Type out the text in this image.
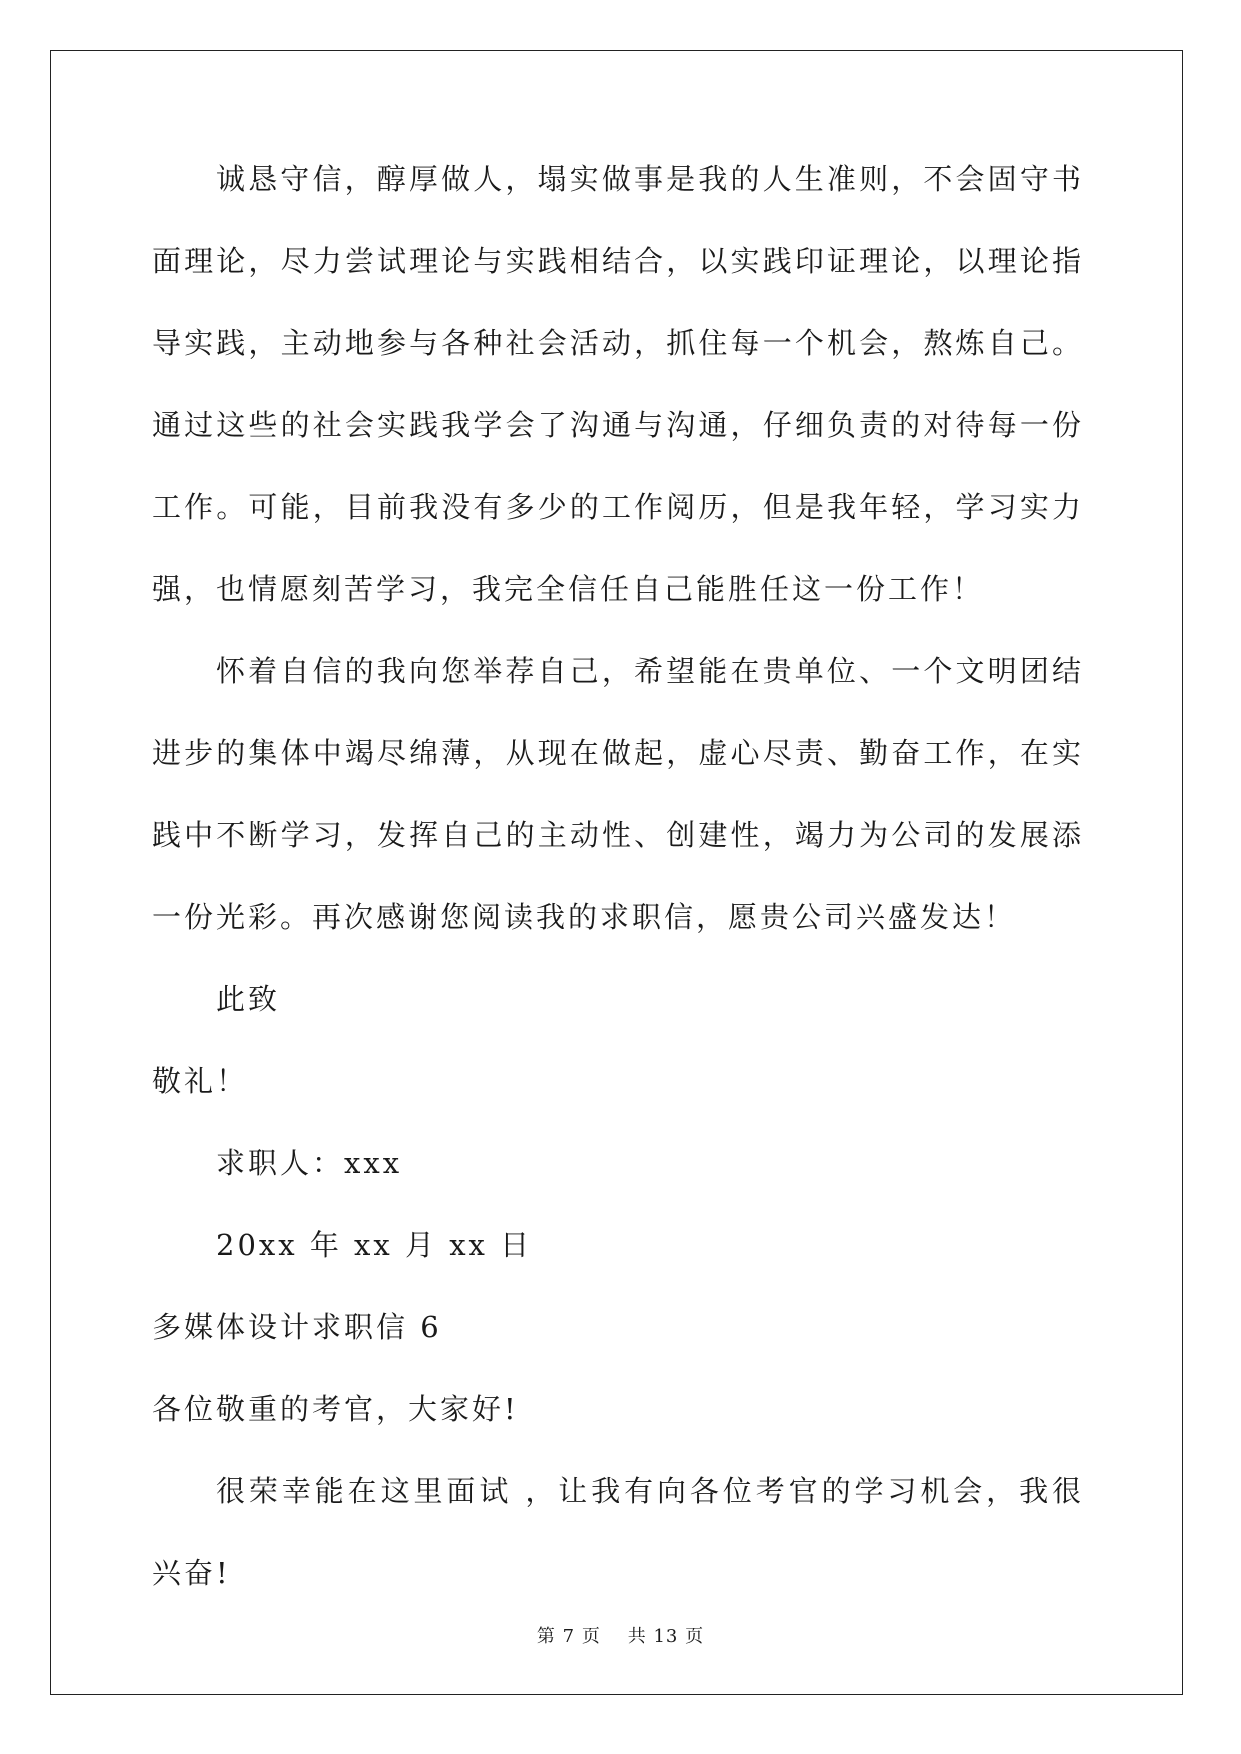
诚恳守信，醇厚做人，塌实做事是我的人生准则，不会固守书面理论，尽力尝试理论与实践相结合，以实践印证理论，以理论指导实践，主动地参与各种社会活动，抓住每一个机会，熬炼自己。通过这些的社会实践我学会了沟通与沟通，仔细负责的对待每一份工作。可能，目前我没有多少的工作阅历，但是我年轻，学习实力强，也情愿刻苦学习，我完全信任自己能胜任这一份工作！

怀着自信的我向您举荐自己，希望能在贵单位、一个文明团结进步的集体中竭尽绵薄，从现在做起，虚心尽责、勤奋工作，在实践中不断学习，发挥自己的主动性、创建性，竭力为公司的发展添一份光彩。再次感谢您阅读我的求职信，愿贵公司兴盛发达！

此致

敬礼！

求职人：xxx

20xx 年 xx 月 xx 日

多媒体设计求职信 6

各位敬重的考官，大家好!

很荣幸能在这里面试 ，让我有向各位考官的学习机会，我很兴奋!

第 7 页 共 13 页
